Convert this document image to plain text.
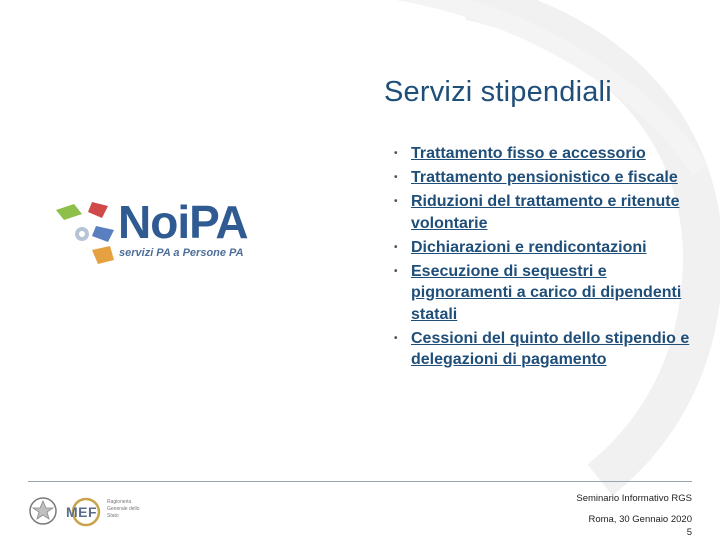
Servizi stipendiali
• Trattamento fisso e accessorio
• Trattamento pensionistico e fiscale
• Riduzioni del trattamento e ritenute volontarie
• Dichiarazioni e rendicontazioni
• Esecuzione di sequestri e pignoramenti a carico di dipendenti statali
• Cessioni del quinto dello stipendio e delegazioni di pagamento
NoiPA
servizi PA a Persone PA
MEF
Ragioneria Generale dello Stato
Seminario Informativo RGS
Roma, 30 Gennaio 2020
5
